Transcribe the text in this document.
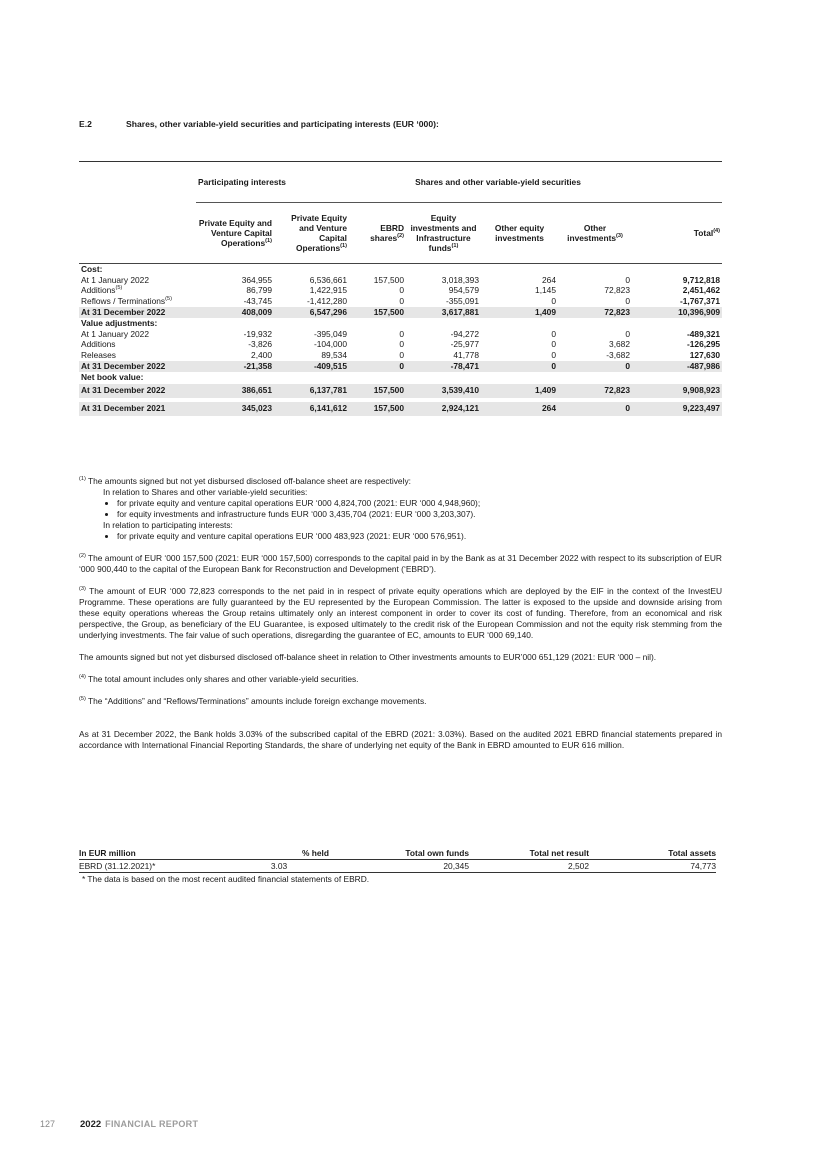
E.2	Shares, other variable-yield securities and participating interests (EUR ‘000):
	Participating interests	Shares and other variable-yield securities					
	Private Equity and Venture Capital Operations$^{(1)}$	Private Equity and Venture Capital Operations$^{(1)}$	EBRD shares$^{(2)}$	Equity investments and Infrastructure funds$^{(1)}$	Other equity investments	Other investments$^{(3)}$	Total$^{(4)}$
Cost:							
At 1 January 2022	364,955	6,536,661	157,500	3,018,393	264	0	9,712,818
Additions$^{(5)}$	86,799	1,422,915	0	954,579	1,145	72,823	2,451,462
Reflows / Terminations$^{(5)}$	-43,745	-1,412,280	0	-355,091	0	0	-1,767,371
At 31 December 2022	408,009	6,547,296	157,500	3,617,881	1,409	72,823	10,396,909
Value adjustments:							
At 1 January 2022	-19,932	-395,049	0	-94,272	0	0	-489,321
Additions	-3,826	-104,000	0	-25,977	0	3,682	-126,295
Releases	2,400	89,534	0	41,778	0	-3,682	127,630
At 31 December 2022	-21,358	-409,515	0	-78,471	0	0	-487,986
Net book value:							
At 31 December 2022	386,651	6,137,781	157,500	3,539,410	1,409	72,823	9,908,923

At 31 December 2021	345,023	6,141,612	157,500	2,924,121	264	0	9,223,497

$^{(1)}$ The amounts signed but not yet disbursed disclosed off-balance sheet are respectively:

In relation to Shares and other variable-yield securities:

• for private equity and venture capital operations EUR ‘000 4,824,700 (2021: EUR ‘000 4,948,960);
• for equity investments and infrastructure funds EUR ‘000 3,435,704 (2021: EUR ‘000 3,203,307).

In relation to participating interests:

• for private equity and venture capital operations EUR ‘000 483,923 (2021: EUR ‘000 576,951).

$^{(2)}$ The amount of EUR ‘000 157,500 (2021: EUR ‘000 157,500) corresponds to the capital paid in by the Bank as at 31 December 2022 with respect to its subscription of EUR ‘000 900,440 to the capital of the European Bank for Reconstruction and Development (‘EBRD’).

$^{(3)}$ The amount of EUR ‘000 72,823 corresponds to the net paid in in respect of private equity operations which are deployed by the EIF in the context of the InvestEU Programme. These operations are fully guaranteed by the EU represented by the European Commission. The latter is exposed to the upside and downside arising from these equity operations whereas the Group retains ultimately only an interest component in order to cover its cost of funding. Therefore, from an economical and risk perspective, the Group, as beneficiary of the EU Guarantee, is exposed ultimately to the credit risk of the European Commission and not the equity risk stemming from the underlying investments. The fair value of such operations, disregarding the guarantee of EC, amounts to EUR ‘000 69,140.

The amounts signed but not yet disbursed disclosed off-balance sheet in relation to Other investments amounts to EUR’000 651,129 (2021: EUR ‘000 – nil).

$^{(4)}$ The total amount includes only shares and other variable-yield securities.

$^{(5)}$ The “Additions” and “Reflows/Terminations” amounts include foreign exchange movements.

As at 31 December 2022, the Bank holds 3.03% of the subscribed capital of the EBRD (2021: 3.03%). Based on the audited 2021 EBRD financial statements prepared in accordance with International Financial Reporting Standards, the share of underlying net equity of the Bank in EBRD amounted to EUR 616 million.

In EUR million	% held	Total own funds	Total net result	Total assets
EBRD (31.12.2021)*	3.03	20,345	2,502	74,773
* The data is based on the most recent audited financial statements of EBRD.
127	2022 FINANCIAL REPORT
